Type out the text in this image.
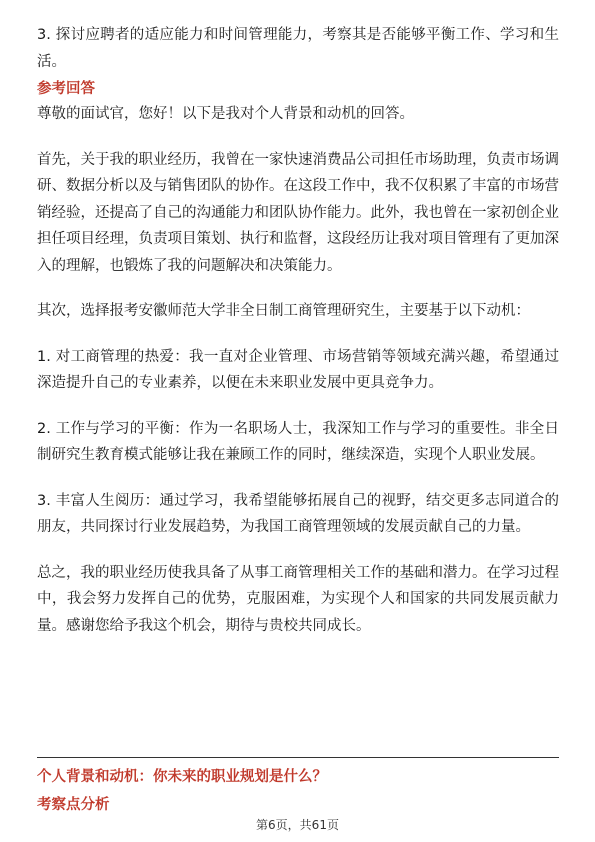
3. 探讨应聘者的适应能力和时间管理能力，考察其是否能够平衡工作、学习和生活。

参考回答

尊敬的面试官，您好！以下是我对个人背景和动机的回答。

首先，关于我的职业经历，我曾在一家快速消费品公司担任市场助理，负责市场调研、数据分析以及与销售团队的协作。在这段工作中，我不仅积累了丰富的市场营销经验，还提高了自己的沟通能力和团队协作能力。此外，我也曾在一家初创企业担任项目经理，负责项目策划、执行和监督，这段经历让我对项目管理有了更加深入的理解，也锻炼了我的问题解决和决策能力。

其次，选择报考安徽师范大学非全日制工商管理研究生，主要基于以下动机：

1. 对工商管理的热爱：我一直对企业管理、市场营销等领域充满兴趣，希望通过深造提升自己的专业素养，以便在未来职业发展中更具竞争力。

2. 工作与学习的平衡：作为一名职场人士，我深知工作与学习的重要性。非全日制研究生教育模式能够让我在兼顾工作的同时，继续深造，实现个人职业发展。

3. 丰富人生阅历：通过学习，我希望能够拓展自己的视野，结交更多志同道合的朋友，共同探讨行业发展趋势，为我国工商管理领域的发展贡献自己的力量。

总之，我的职业经历使我具备了从事工商管理相关工作的基础和潜力。在学习过程中，我会努力发挥自己的优势，克服困难，为实现个人和国家的共同发展贡献力量。感谢您给予我这个机会，期待与贵校共同成长。

个人背景和动机：你未来的职业规划是什么？

考察点分析

第6页，共61页
